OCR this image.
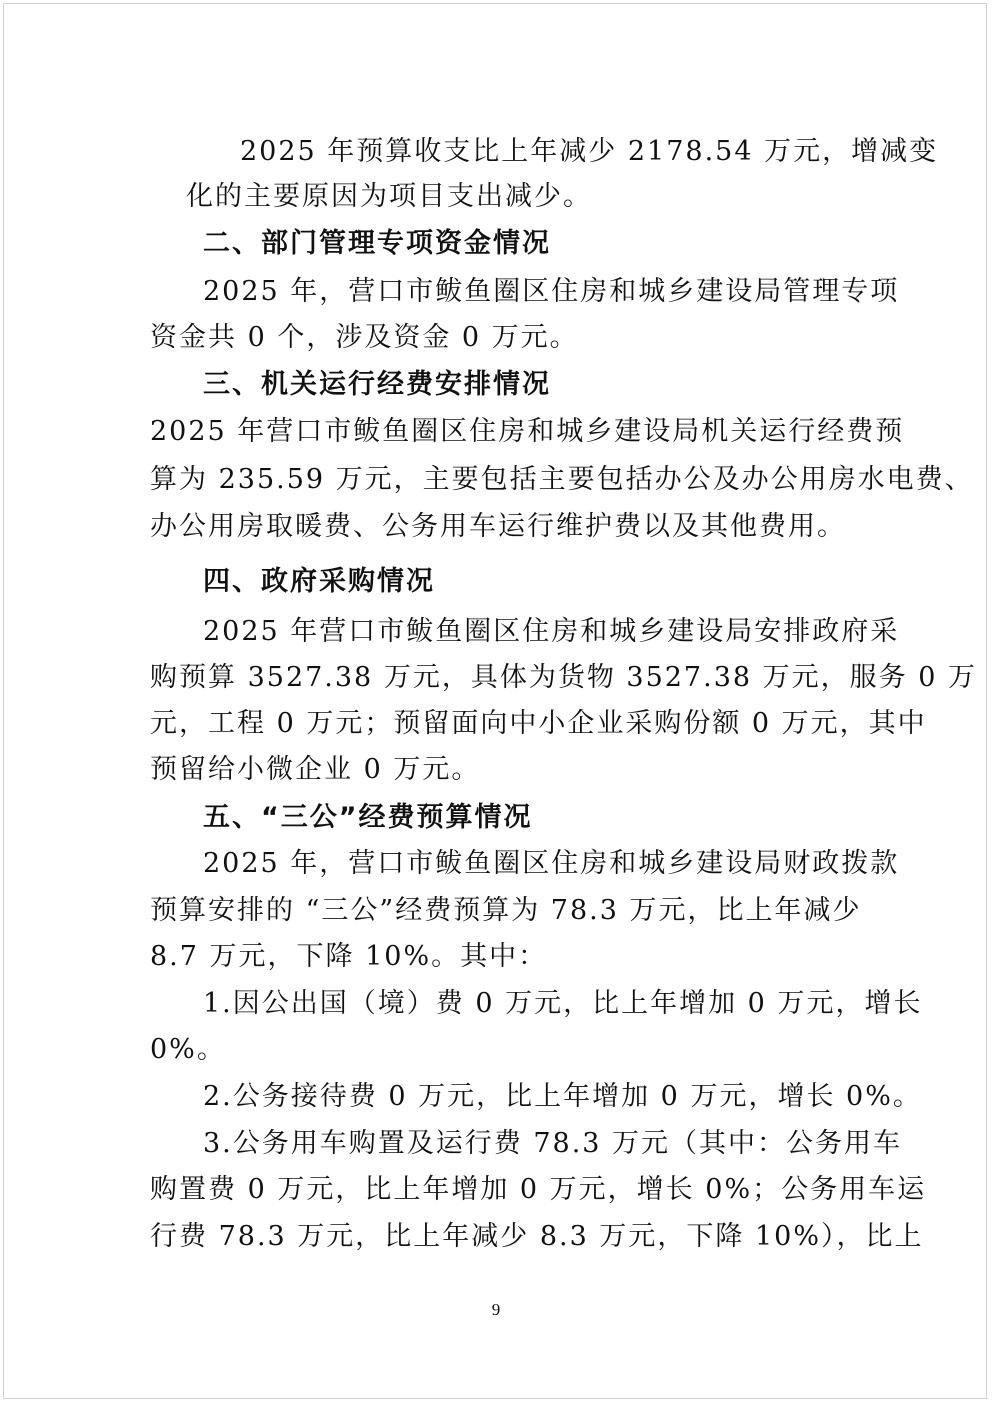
2025 年预算收支比上年减少 2178.54 万元，增减变
化的主要原因为项目支出减少。
二、部门管理专项资金情况
2025 年，营口市鲅鱼圈区住房和城乡建设局管理专项
资金共 0 个，涉及资金 0 万元。
三、机关运行经费安排情况
2025 年营口市鲅鱼圈区住房和城乡建设局机关运行经费预
算为 235.59 万元，主要包括主要包括办公及办公用房水电费、
办公用房取暖费、公务用车运行维护费以及其他费用。
四、政府采购情况
2025 年营口市鲅鱼圈区住房和城乡建设局安排政府采
购预算 3527.38 万元，具体为货物 3527.38 万元，服务 0 万
元，工程 0 万元；预留面向中小企业采购份额 0 万元，其中
预留给小微企业 0 万元。
五、“三公”经费预算情况
2025 年，营口市鲅鱼圈区住房和城乡建设局财政拨款
预算安排的 “三公”经费预算为 78.3 万元，比上年减少
8.7 万元，下降 10%。其中：
1.因公出国（境）费 0 万元，比上年增加 0 万元，增长
0%。
2.公务接待费 0 万元，比上年增加 0 万元，增长 0%。
3.公务用车购置及运行费 78.3 万元（其中：公务用车
购置费 0 万元，比上年增加 0 万元，增长 0%；公务用车运
行费 78.3 万元，比上年减少 8.3 万元，下降 10%），比上
9
